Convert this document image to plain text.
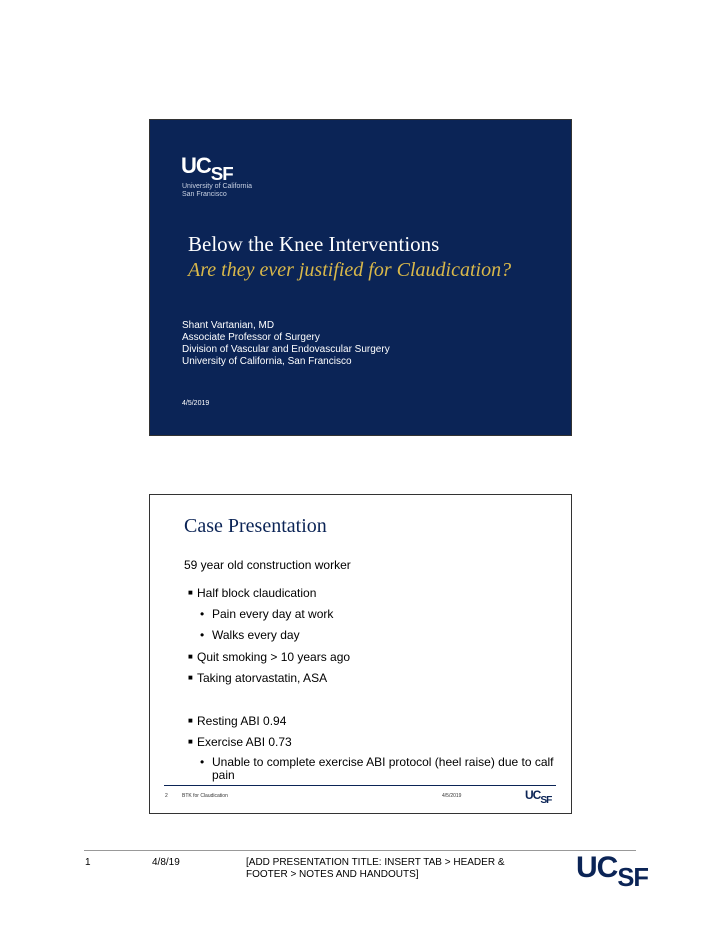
$UC_{SF}$
University of California
San Francisco
Below the Knee Interventions
Are they ever justified for Claudication?
Shant Vartanian, MD
Associate Professor of Surgery
Division of Vascular and Endovascular Surgery
University of California, San Francisco
4/5/2019
Case Presentation
59 year old construction worker
■ Half block claudication
• Pain every day at work
• Walks every day
■ Quit smoking > 10 years ago
■ Taking atorvastatin, ASA
■ Resting ABI 0.94
■ Exercise ABI 0.73
• Unable to complete exercise ABI protocol (heel raise) due to calf pain
2	BTK for Claudication	4/5/2019	$UC_{SF}$
1	4/8/19	[ADD PRESENTATION TITLE: INSERT TAB > HEADER & FOOTER > NOTES AND HANDOUTS]	$UC_{SF}$
